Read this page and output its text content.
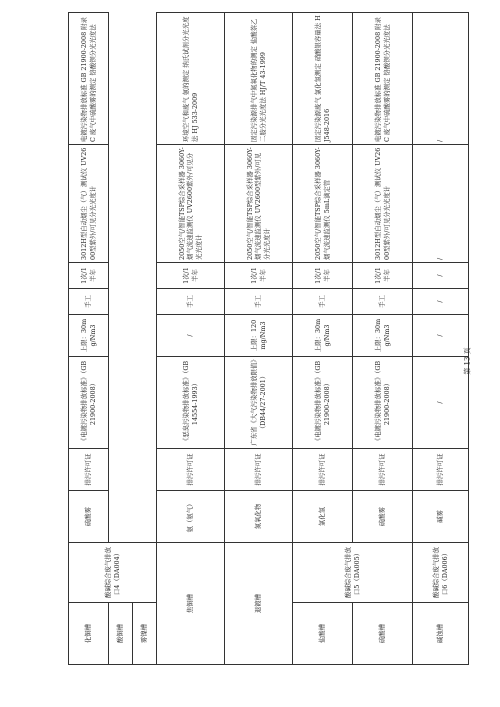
化铜槽	酸碱综合废气排放口4（DA004）	硫酸雾	排污许可证	《电镀污染物排放标准》（GB 21900-2008）	上限：30mg/Nm3	手工	1次/1半年	3012H型自动烟尘（气）测试仪 UV2600型紫外/可见分光光度计	电镀污染物排放标准 GB 21900-2008 附录 C 废气中硫酸雾的测定 铬酸钡分光光度法
酸铜槽									
雾镍槽									
焦铜槽		氨（氨气）	排污许可证	《恶臭污染物排放标准》（GB14554-1993）	/	手工	1次/1半年	2050空气/智能TSP综合采样器 3060Y-烟气流速监测仪 UV2600紫外/可见分光光度计	环境空气和废气 氨的测定 纳氏试剂分光光度法 HJ 533-2009
退镀槽		氮氧化物	排污许可证	广东省《大气污染物排放限值》（DB44/27-2001）	上限：120mg/Nm3	手工	1次/1半年	2050空气/智能TSP综合采样器 3060Y-烟气流速监测仪 UV2600型紫外/可见分光光度计	固定污染源排气中氮氧化物的测定 盐酸萘乙二胺分光光度法 HJ/T 43-1999
盐酸槽	酸碱综合废气排放口5（DA005）	氯化氢	排污许可证	《电镀污染物排放标准》（GB 21900-2008）	上限：30mg/Nm3	手工	1次/1半年	2050空气/智能TSP综合采样器 3060Y-烟气流速监测仪 5mL滴定管	固定污染源废气 氯化氢测定 硝酸银容量法 HJ548-2016
硫酸槽		硫酸雾	排污许可证	《电镀污染物排放标准》（GB 21900-2008）	上限：30mg/Nm3	手工	1次/1半年	3012H型自动烟尘（气）测试仪 UV2600型紫外/可见分光光度计	电镀污染物排放标准 GB 21900-2008 附录 C 废气中硫酸雾的测定 铬酸钡分光光度法
碱蚀槽	酸碱综合废气排放口6（DA006）	碱雾	排污许可证	/	/	/	/	/	/
第 13 页
